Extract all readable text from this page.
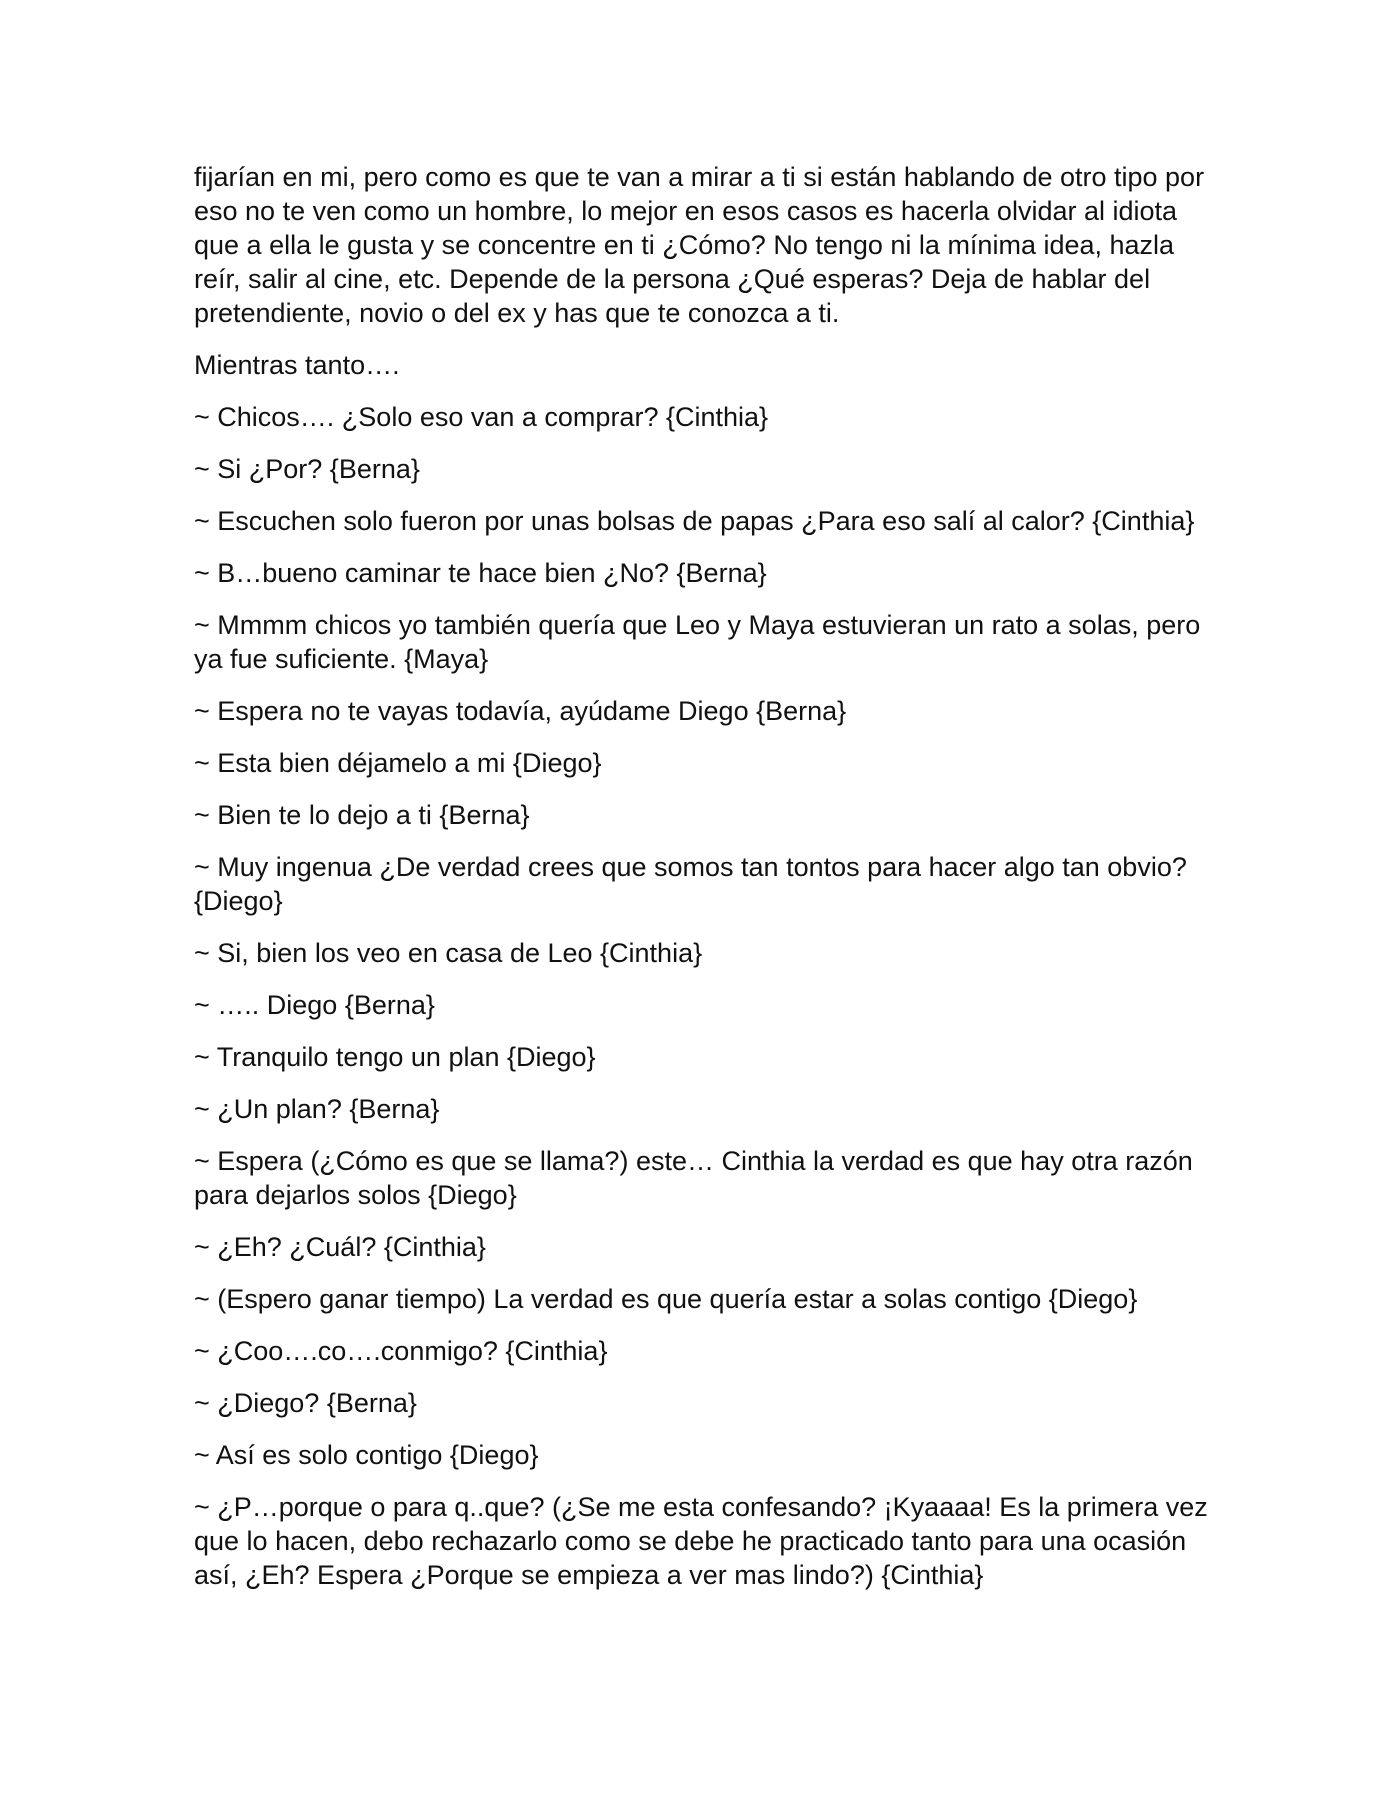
fijarían en mi, pero como es que te van a mirar a ti si están hablando de otro tipo por eso no te ven como un hombre, lo mejor en esos casos es hacerla olvidar al idiota que a ella le gusta y se concentre en ti ¿Cómo? No tengo ni la mínima idea, hazla reír, salir al cine, etc. Depende de la persona ¿Qué esperas? Deja de hablar del pretendiente, novio o del ex y has que te conozca a ti.

Mientras tanto….

~ Chicos…. ¿Solo eso van a comprar? {Cinthia}

~ Si ¿Por? {Berna}

~ Escuchen solo fueron por unas bolsas de papas ¿Para eso salí al calor? {Cinthia}

~ B…bueno caminar te hace bien ¿No? {Berna}

~ Mmmm chicos yo también quería que Leo y Maya estuvieran un rato a solas, pero ya fue suficiente. {Maya}

~ Espera no te vayas todavía, ayúdame Diego {Berna}

~ Esta bien déjamelo a mi {Diego}

~ Bien te lo dejo a ti {Berna}

~ Muy ingenua ¿De verdad crees que somos tan tontos para hacer algo tan obvio? {Diego}

~ Si, bien los veo en casa de Leo {Cinthia}

~ ….. Diego {Berna}

~ Tranquilo tengo un plan {Diego}

~ ¿Un plan? {Berna}

~ Espera (¿Cómo es que se llama?) este… Cinthia la verdad es que hay otra razón para dejarlos solos {Diego}

~ ¿Eh? ¿Cuál? {Cinthia}

~ (Espero ganar tiempo) La verdad es que quería estar a solas contigo {Diego}

~ ¿Coo….co….conmigo? {Cinthia}

~ ¿Diego? {Berna}

~ Así es solo contigo {Diego}

~ ¿P…porque o para q..que? (¿Se me esta confesando? ¡Kyaaaa! Es la primera vez que lo hacen, debo rechazarlo como se debe he practicado tanto para una ocasión así, ¿Eh? Espera ¿Porque se empieza a ver mas lindo?) {Cinthia}
